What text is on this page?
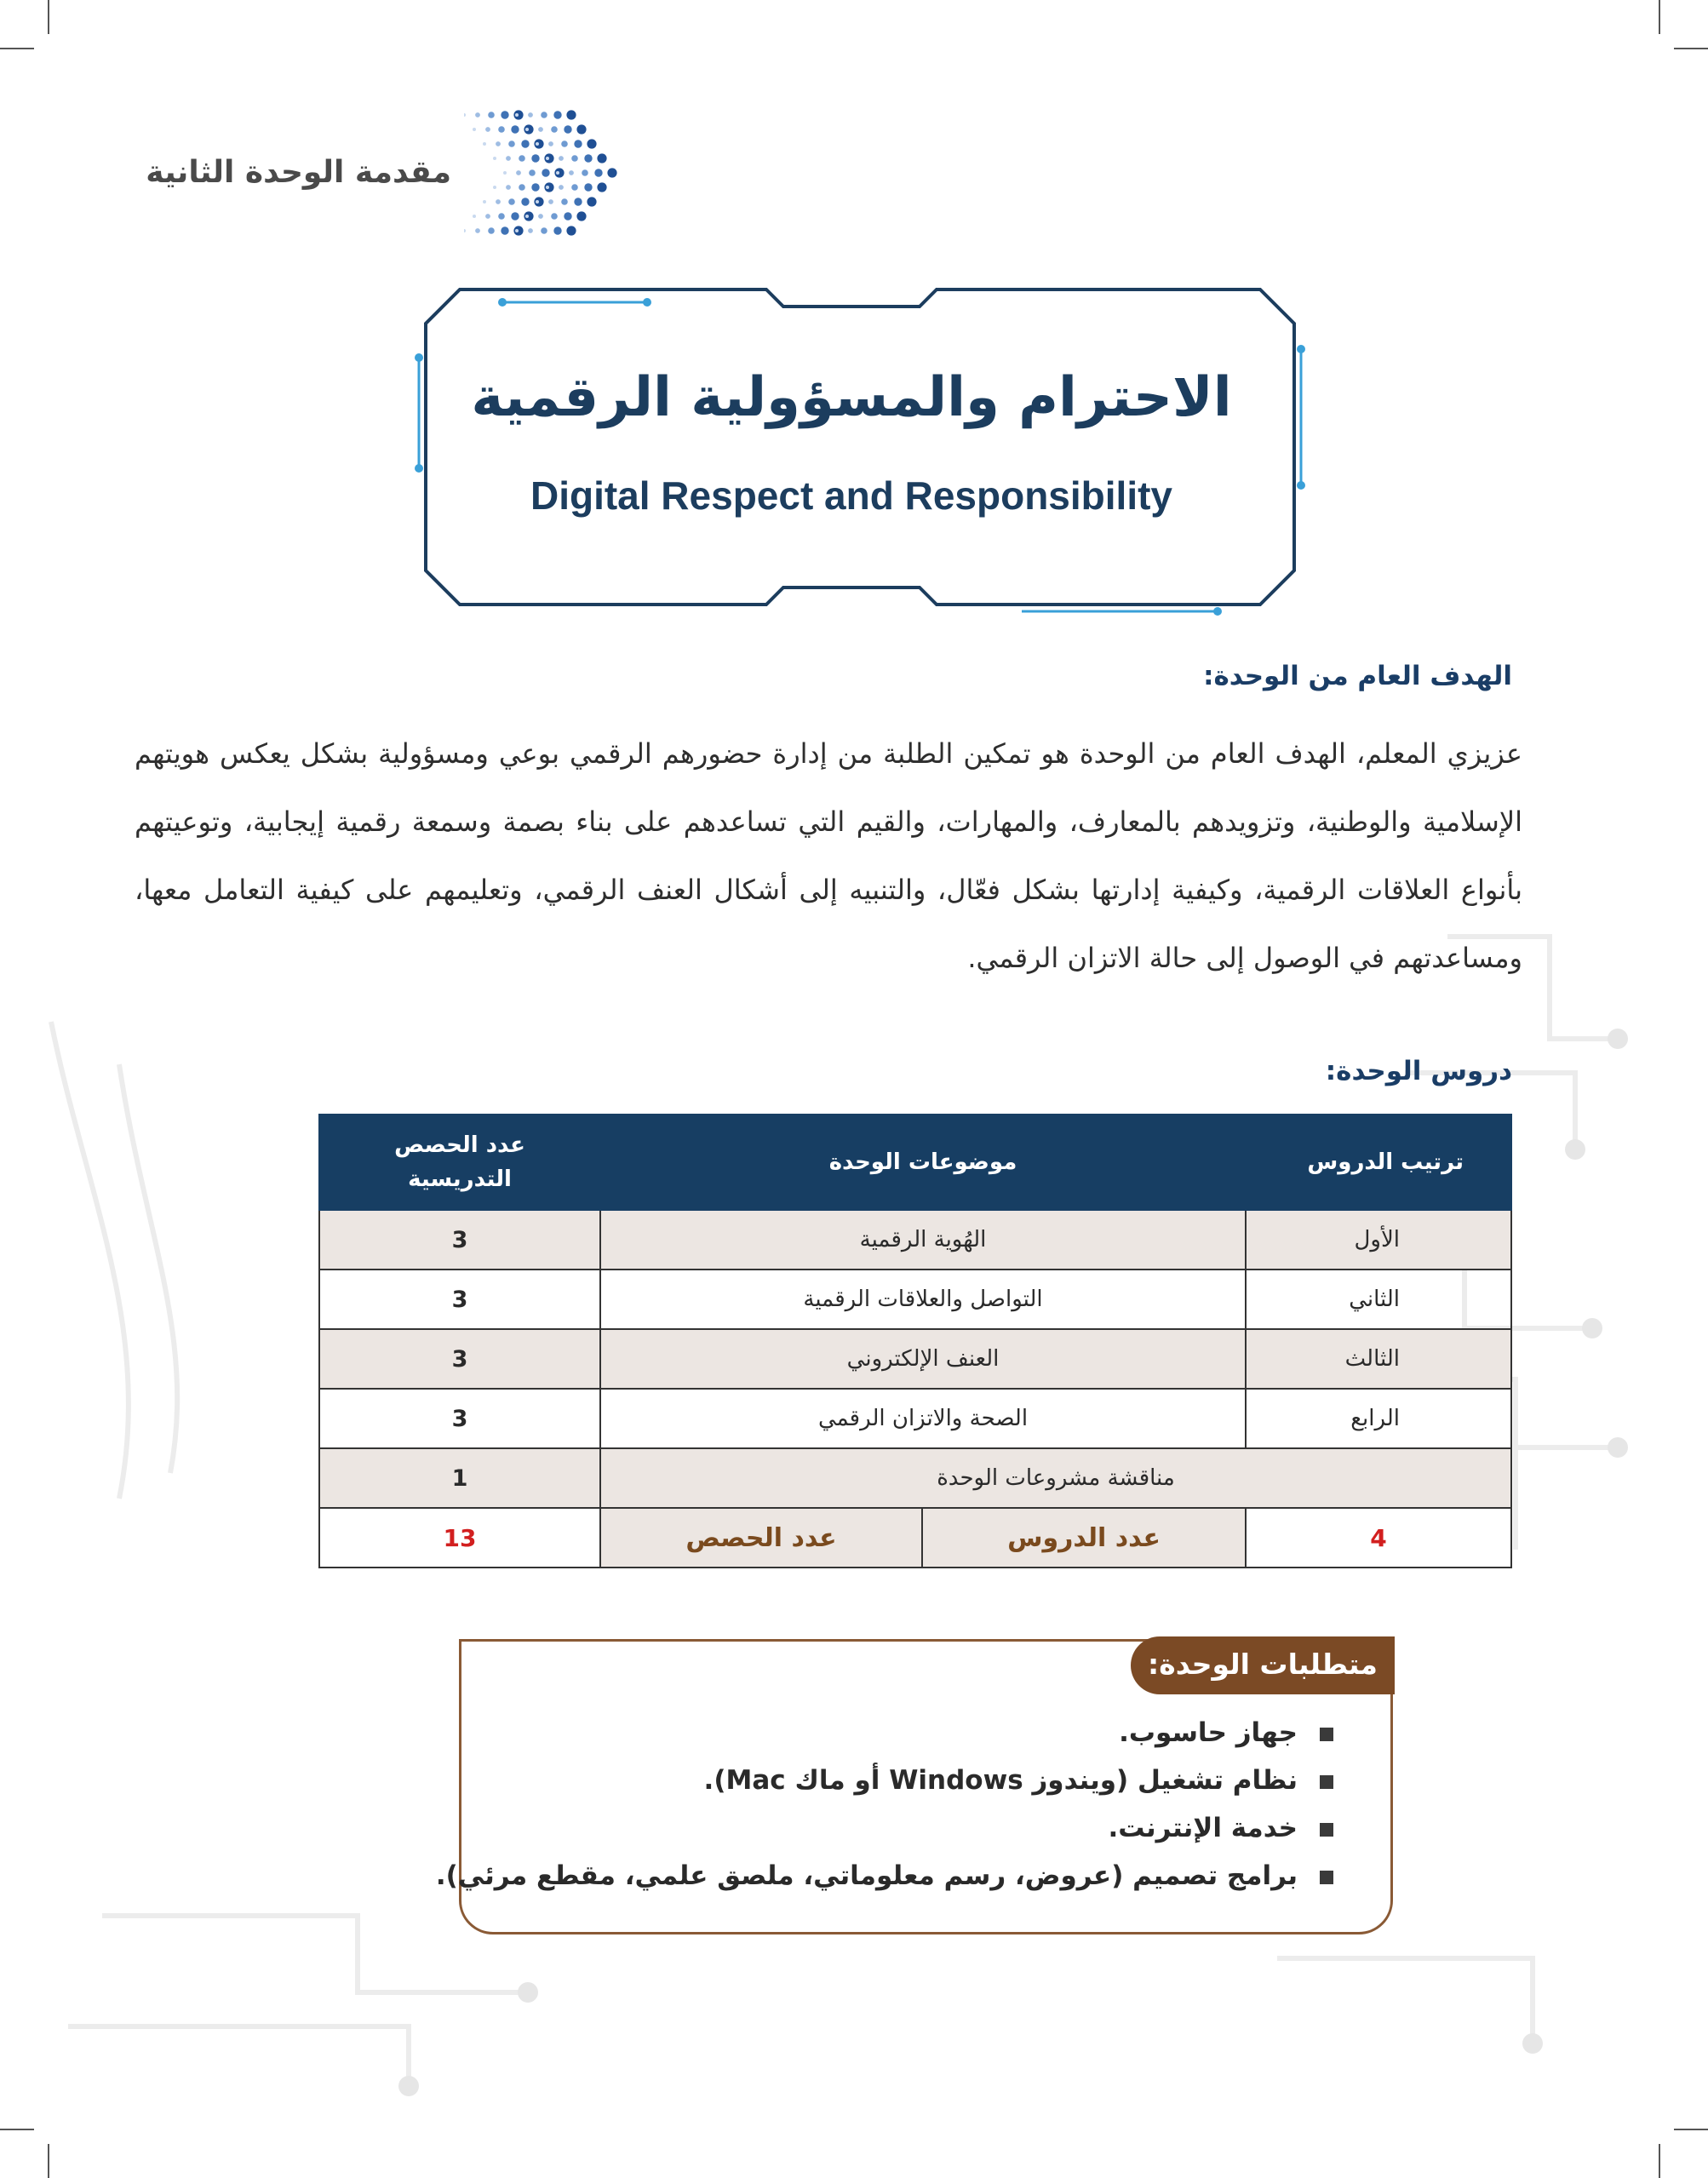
مقدمة الوحدة الثانية
الاحترام والمسؤولية الرقمية
Digital Respect and Responsibility
الهدف العام من الوحدة:
عزيزي المعلم، الهدف العام من الوحدة هو تمكين الطلبة من إدارة حضورهم الرقمي بوعي ومسؤولية بشكل يعكس هويتهم الإسلامية والوطنية، وتزويدهم بالمعارف، والمهارات، والقيم التي تساعدهم على بناء بصمة وسمعة رقمية إيجابية، وتوعيتهم بأنواع العلاقات الرقمية، وكيفية إدارتها بشكل فعّال، والتنبيه إلى أشكال العنف الرقمي، وتعليمهم على كيفية التعامل معها، ومساعدتهم في الوصول إلى حالة الاتزان الرقمي.
دروس الوحدة:
ترتيب الدروس	موضوعات الوحدة		عدد الحصص التدريسية

الأول	الهُوية الرقمية		3
الثاني	التواصل والعلاقات الرقمية		3
الثالث	العنف الإلكتروني		3
الرابع	الصحة والاتزان الرقمي		3
مناقشة مشروعات الوحدة			1
4	عدد الدروس	عدد الحصص	13
متطلبات الوحدة:
جهاز حاسوب.
نظام تشغيل (ويندوز Windows أو ماك Mac).
خدمة الإنترنت.
برامج تصميم (عروض، رسم معلوماتي، ملصق علمي، مقطع مرئي).
